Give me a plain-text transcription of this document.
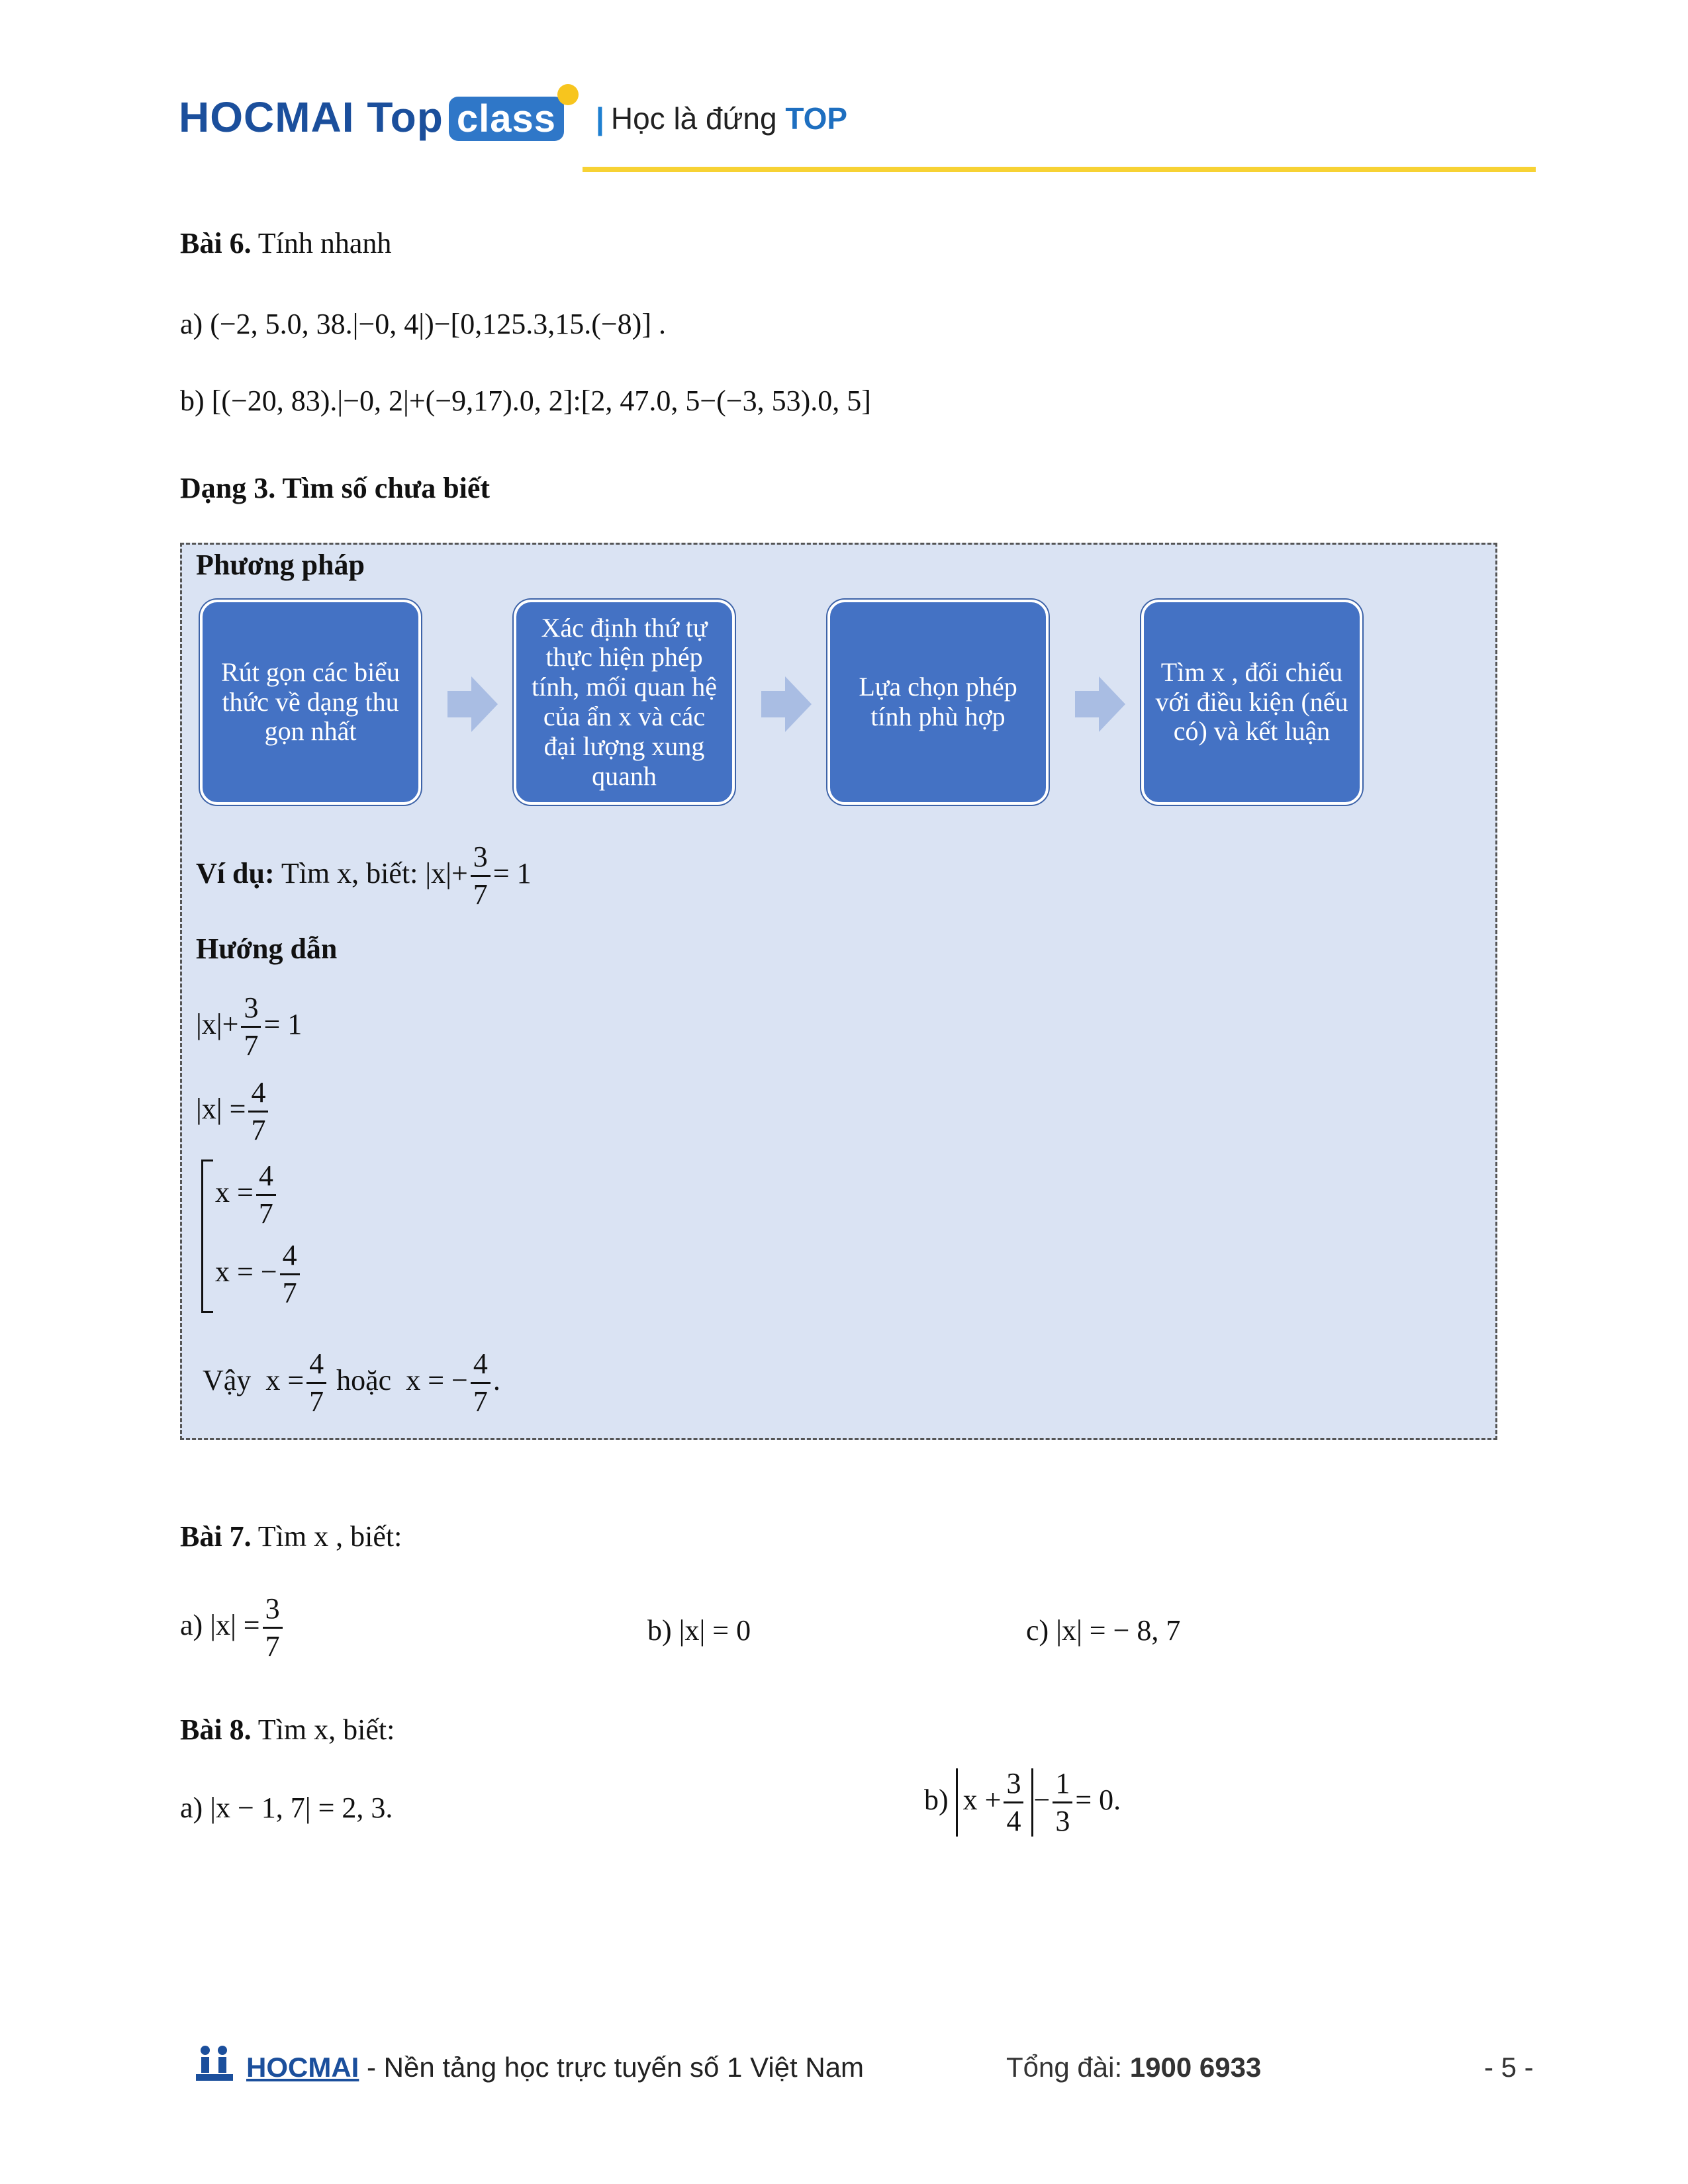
HOCMAI Top class	| Học là đứng TOP
Bài 6. Tính nhanh
a) (−2, 5.0, 38.|−0, 4|)−[0,125.3,15.(−8)] .
b) [(−20, 83).|−0, 2|+(−9,17).0, 2]:[2, 47.0, 5−(−3, 53).0, 5]
Dạng 3. Tìm số chưa biết
Phương pháp
Rút gọn các biểu thức về dạng thu gọn nhất
Xác định thứ tự thực hiện phép tính, mối quan hệ của ẩn x và các đại lượng xung quanh
Lựa chọn phép tính phù hợp
Tìm x , đối chiếu với điều kiện (nếu có) và kết luận
Ví dụ: Tìm x, biết: $|x|+ \frac{3}{7} = 1$
Hướng dẫn
$|x|+ \frac{3}{7} = 1$
$|x| = \frac{4}{7}$
$x = \frac{4}{7}$
x = − $\frac{4}{7}$
Vậy $x = \frac{4}{7}$ hoặc x = − $\frac{4}{7}$ .
Bài 7. Tìm x , biết:
a) $|x| = \frac{3}{7}$	b) |x| = 0	c) |x| = − 8, 7
Bài 8. Tìm x, biết:
a) |x − 1, 7| = 2, 3.	b) $x + \frac{3}{4} - \frac{1}{3} = 0$.
HOCMAI - Nền tảng học trực tuyến số 1 Việt Nam	Tổng đài: 1900 6933	- 5 -
